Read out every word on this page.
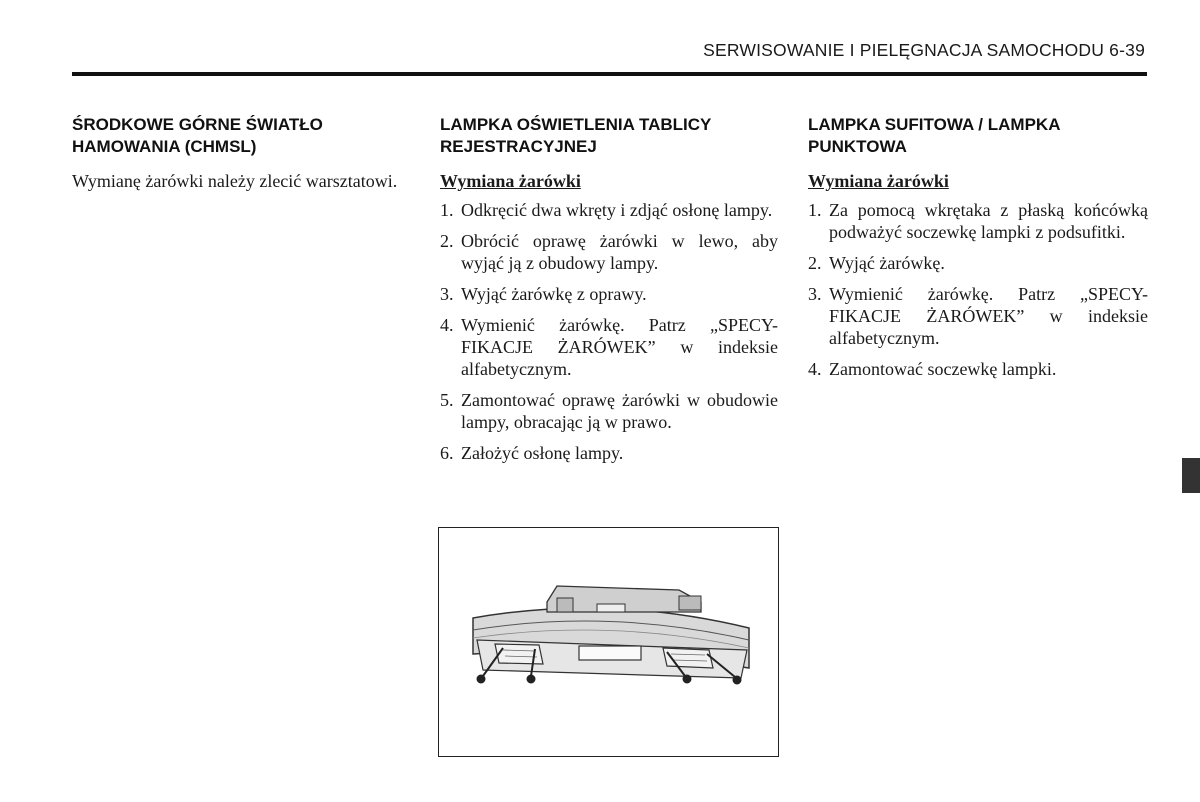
SERWISOWANIE I PIELĘGNACJA SAMOCHODU 6-39
ŚRODKOWE GÓRNE ŚWIATŁO
HAMOWANIA (CHMSL)

Wymianę żarówki należy zlecić warsztatowi.

LAMPKA OŚWIETLENIA TABLICY
REJESTRACYJNEJ
Wymiana żarówki
1. Odkręcić dwa wkręty i zdjąć osłonę lampy.
2. Obrócić oprawę żarówki w lewo, aby wyjąć ją z obudowy lampy.
3. Wyjąć żarówkę z oprawy.
4. Wymienić żarówkę. Patrz „SPECY-FIKACJE ŻARÓWEK” w indeksie alfabetycznym.
5. Zamontować oprawę żarówki w obudowie lampy, obracając ją w prawo.
6. Założyć osłonę lampy.
LAMPKA SUFITOWA / LAMPKA
PUNKTOWA
Wymiana żarówki
1. Za pomocą wkrętaka z płaską końcówką podważyć soczewkę lampki z podsufitki.
2. Wyjąć żarówkę.
3. Wymienić żarówkę. Patrz „SPECY-FIKACJE ŻARÓWEK” w indeksie alfabetycznym.
4. Zamontować soczewkę lampki.
